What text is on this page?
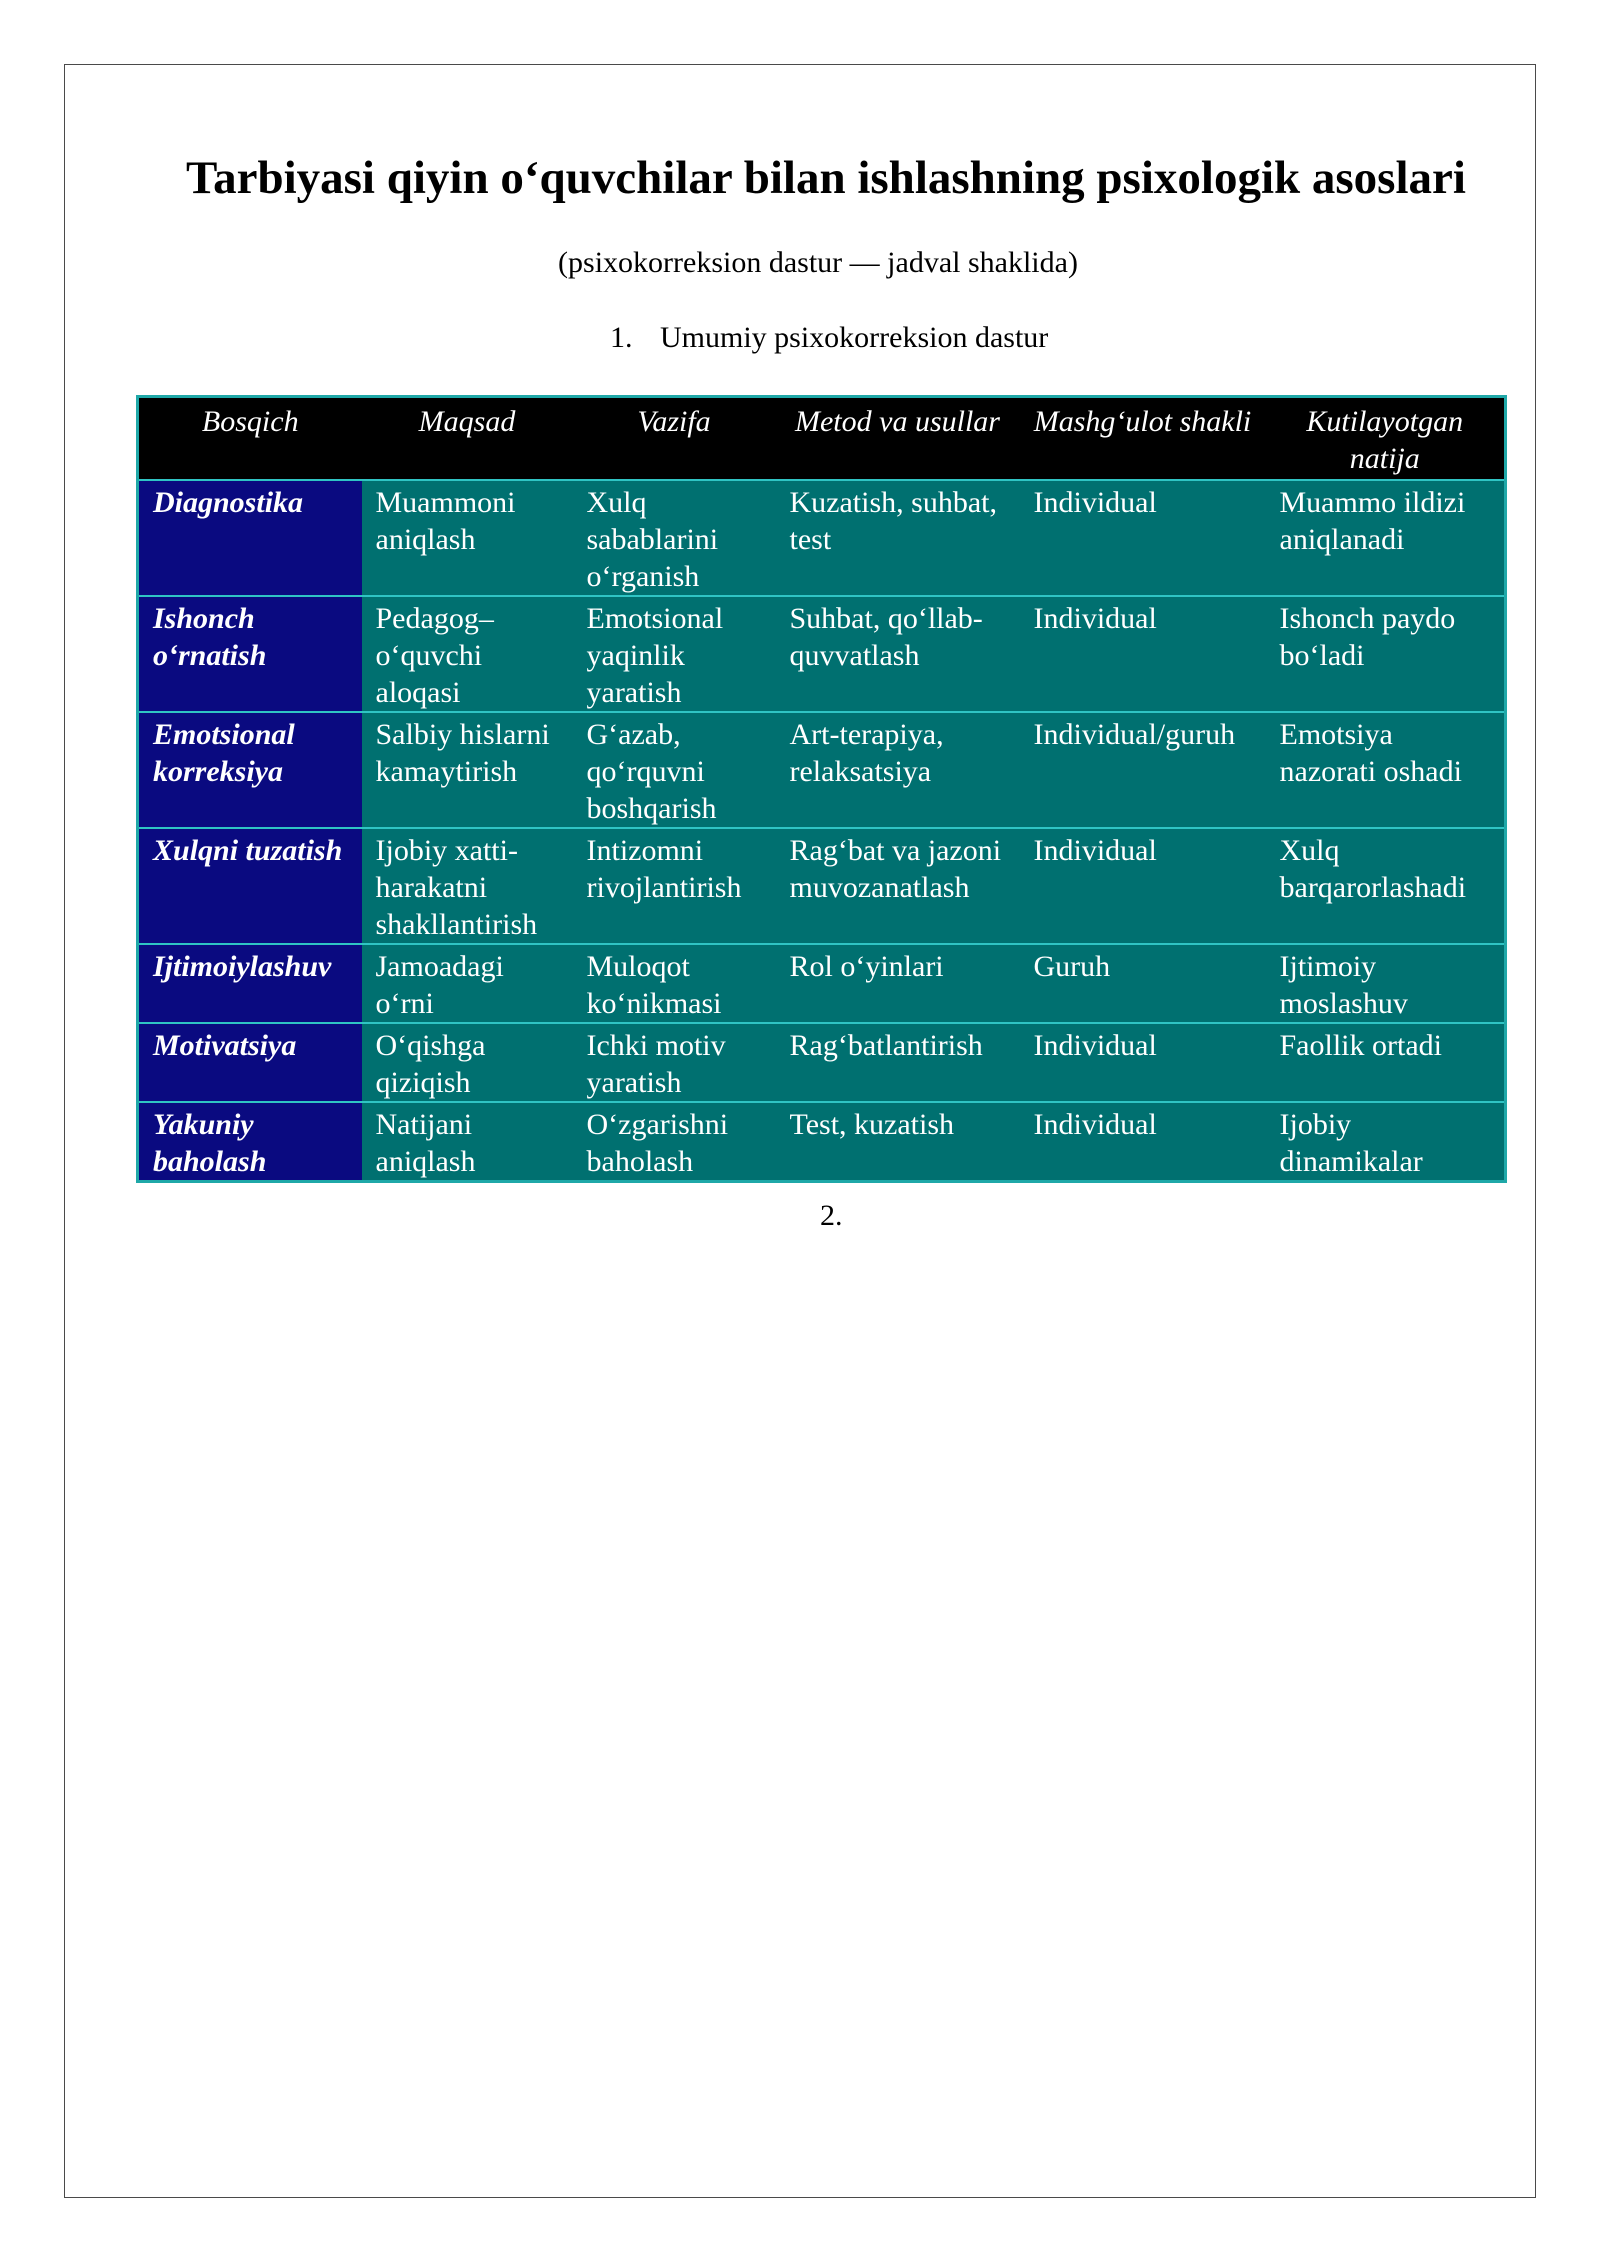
Tarbiyasi qiyin o‘quvchilar bilan ishlashning psixologik asoslari
(psixokorreksion dastur — jadval shaklida)
1. Umumiy psixokorreksion dastur
Bosqich	Maqsad	Vazifa	Metod va usullar	Mashg‘ulot shakli	Kutilayotgan natija
Diagnostika	Muammoni aniqlash	Xulq sabablarini o‘rganish	Kuzatish, suhbat, test	Individual	Muammo ildizi aniqlanadi
Ishonch o‘rnatish	Pedagog–o‘quvchi aloqasi	Emotsional yaqinlik yaratish	Suhbat, qo‘llab-quvvatlash	Individual	Ishonch paydo bo‘ladi
Emotsional korreksiya	Salbiy hislarni kamaytirish	G‘azab, qo‘rquvni boshqarish	Art-terapiya, relaksatsiya	Individual/guruh	Emotsiya nazorati oshadi
Xulqni tuzatish	Ijobiy xatti-harakatni shakllantirish	Intizomni rivojlantirish	Rag‘bat va jazoni muvozanatlash	Individual	Xulq barqarorlashadi
Ijtimoiylashuv	Jamoadagi o‘rni	Muloqot ko‘nikmasi	Rol o‘yinlari	Guruh	Ijtimoiy moslashuv
Motivatsiya	O‘qishga qiziqish	Ichki motiv yaratish	Rag‘batlantirish	Individual	Faollik ortadi
Yakuniy baholash	Natijani aniqlash	O‘zgarishni baholash	Test, kuzatish	Individual	Ijobiy dinamikalar
2.
